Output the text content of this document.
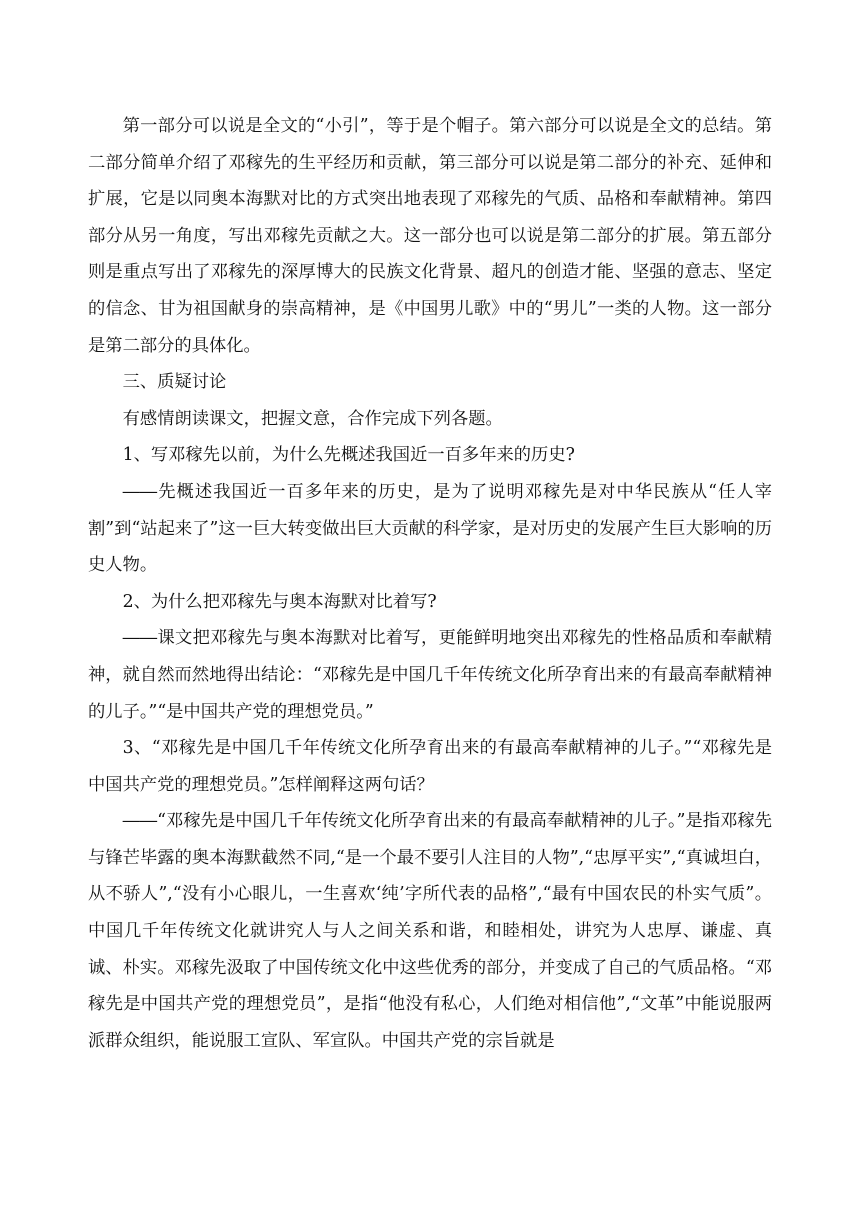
第一部分可以说是全文的“小引”，等于是个帽子。第六部分可以说是全文的总结。第二部分简单介绍了邓稼先的生平经历和贡献，第三部分可以说是第二部分的补充、延伸和扩展，它是以同奥本海默对比的方式突出地表现了邓稼先的气质、品格和奉献精神。第四部分从另一角度，写出邓稼先贡献之大。这一部分也可以说是第二部分的扩展。第五部分则是重点写出了邓稼先的深厚博大的民族文化背景、超凡的创造才能、坚强的意志、坚定的信念、甘为祖国献身的崇高精神，是《中国男儿歌》中的“男儿”一类的人物。这一部分是第二部分的具体化。

三、质疑讨论

有感情朗读课文，把握文意，合作完成下列各题。

1、写邓稼先以前，为什么先概述我国近一百多年来的历史?

――先概述我国近一百多年来的历史，是为了说明邓稼先是对中华民族从“任人宰割”到“站起来了”这一巨大转变做出巨大贡献的科学家，是对历史的发展产生巨大影响的历史人物。

2、为什么把邓稼先与奥本海默对比着写?

――课文把邓稼先与奥本海默对比着写，更能鲜明地突出邓稼先的性格品质和奉献精神，就自然而然地得出结论：“邓稼先是中国几千年传统文化所孕育出来的有最高奉献精神的儿子。”“是中国共产党的理想党员。”

3、“邓稼先是中国几千年传统文化所孕育出来的有最高奉献精神的儿子。”“邓稼先是中国共产党的理想党员。”怎样阐释这两句话？

――“邓稼先是中国几千年传统文化所孕育出来的有最高奉献精神的儿子。”是指邓稼先与锋芒毕露的奥本海默截然不同,“是一个最不要引人注目的人物”,“忠厚平实”,“真诚坦白，从不骄人”,“没有小心眼儿，一生喜欢‘纯’字所代表的品格”,“最有中国农民的朴实气质”。中国几千年传统文化就讲究人与人之间关系和谐，和睦相处，讲究为人忠厚、谦虚、真诚、朴实。邓稼先汲取了中国传统文化中这些优秀的部分，并变成了自己的气质品格。“邓稼先是中国共产党的理想党员”，是指“他没有私心，人们绝对相信他”,“文革”中能说服两派群众组织，能说服工宣队、军宣队。中国共产党的宗旨就是
